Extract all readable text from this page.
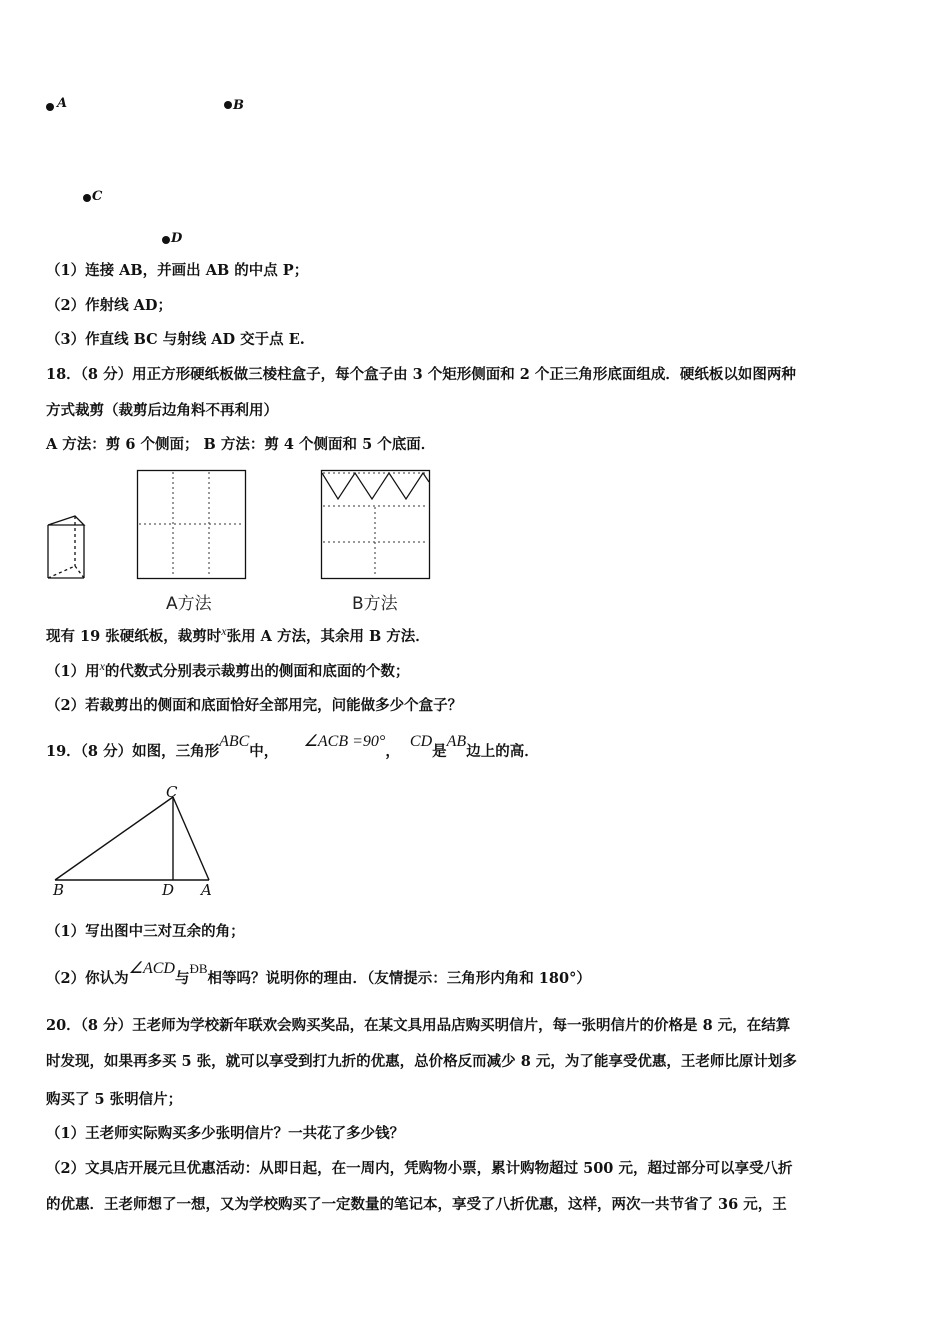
A	B
C
D
（1）连接 AB，并画出 AB 的中点 P；
（2）作射线 AD；
（3）作直线 BC 与射线 AD 交于点 E.
18．（8 分）用正方形硬纸板做三棱柱盒子，每个盒子由 3 个矩形侧面和 2 个正三角形底面组成．硬纸板以如图两种
方式裁剪（裁剪后边角料不再利用）
A 方法：剪 6 个侧面； B 方法：剪 4 个侧面和 5 个底面．
A方法	B方法
现有 19 张硬纸板，裁剪时$^x$张用 A 方法，其余用 B 方法．
（1）用$^x$的代数式分别表示裁剪出的侧面和底面的个数；
（2）若裁剪出的侧面和底面恰好全部用完，问能做多少个盒子？
19．（8 分）如图，三角形ABC中，     ∠ACB =90°，  CD是AB边上的高．
C
B	D A
（1）写出图中三对互余的角；
（2）你认为∠ACD与ÐB相等吗？说明你的理由．（友情提示：三角形内角和 180°）
20．（8 分）王老师为学校新年联欢会购买奖品，在某文具用品店购买明信片，每一张明信片的价格是 8 元，在结算
时发现，如果再多买 5 张，就可以享受到打九折的优惠，总价格反而减少 8 元，为了能享受优惠，王老师比原计划多
购买了 5 张明信片；
（1）王老师实际购买多少张明信片？一共花了多少钱？
（2）文具店开展元旦优惠活动：从即日起，在一周内，凭购物小票，累计购物超过 500 元，超过部分可以享受八折
的优惠．王老师想了一想，又为学校购买了一定数量的笔记本，享受了八折优惠，这样，两次一共节省了 36 元，王
